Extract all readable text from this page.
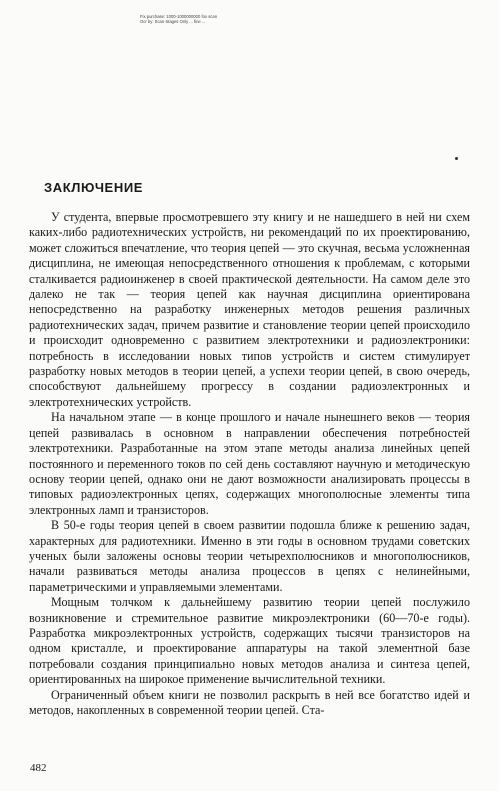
Fix purchase: 1000-1000000000 fox scan
Ocr by: Scan Stages Only ... fine ...
ЗАКЛЮЧЕНИЕ

У студента, впервые просмотревшего эту книгу и не нашедшего в ней ни схем каких-либо радиотехнических устройств, ни рекомендаций по их проектированию, может сложиться впечатление, что теория цепей — это скучная, весьма усложненная дисциплина, не имеющая непосредственного отношения к проблемам, с которыми сталкивается радиоинженер в своей практической деятельности. На самом деле это далеко не так — теория цепей как научная дисциплина ориентирована непосредственно на разработку инженерных методов решения различных радиотехнических задач, причем развитие и становление теории цепей происходило и происходит одновременно с развитием электротехники и радиоэлектроники: потребность в исследовании новых типов устройств и систем стимулирует разработку новых методов в теории цепей, а успехи теории цепей, в свою очередь, способствуют дальнейшему прогрессу в создании радиоэлектронных и электротехнических устройств.

На начальном этапе — в конце прошлого и начале нынешнего веков — теория цепей развивалась в основном в направлении обеспечения потребностей электротехники. Разработанные на этом этапе методы анализа линейных цепей постоянного и переменного токов по сей день составляют научную и методическую основу теории цепей, однако они не дают возможности анализировать процессы в типовых радиоэлектронных цепях, содержащих многополюсные элементы типа электронных ламп и транзисторов.

В 50-е годы теория цепей в своем развитии подошла ближе к решению задач, характерных для радиотехники. Именно в эти годы в основном трудами советских ученых были заложены основы теории четырехполюсников и многополюсников, начали развиваться методы анализа процессов в цепях с нелинейными, параметрическими и управляемыми элементами.

Мощным толчком к дальнейшему развитию теории цепей послужило возникновение и стремительное развитие микроэлектроники (60—70-е годы). Разработка микроэлектронных устройств, содержащих тысячи транзисторов на одном кристалле, и проектирование аппаратуры на такой элементной базе потребовали создания принципиально новых методов анализа и синтеза цепей, ориентированных на широкое применение вычислительной техники.

Ограниченный объем книги не позволил раскрыть в ней все богатство идей и методов, накопленных в современной теории цепей. Ста-

482
